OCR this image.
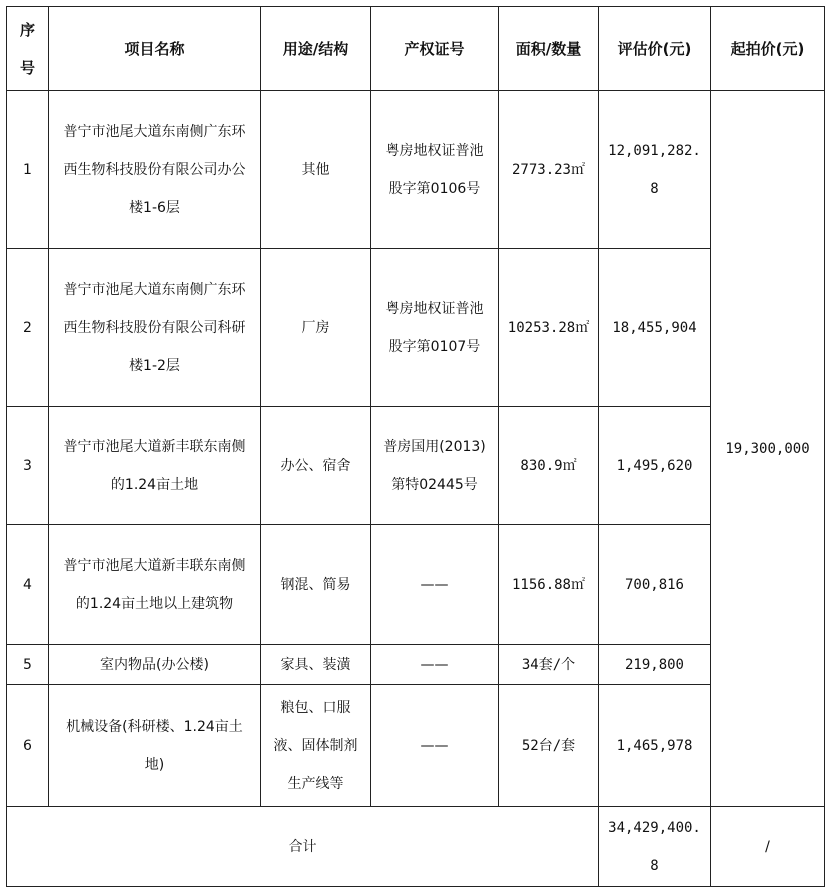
序号	项目名称	用途/结构	产权证号	面积/数量	评估价(元)	起拍价(元)
1	普宁市池尾大道东南侧广东环西生物科技股份有限公司办公楼1-6层	其他	粤房地权证普池股字第0106号	2773.23㎡	12,091,282.8	19,300,000
2	普宁市池尾大道东南侧广东环西生物科技股份有限公司科研楼1-2层	厂房	粤房地权证普池股字第0107号	10253.28㎡	18,455,904	
3	普宁市池尾大道新丰联东南侧的1.24亩土地	办公、宿舍	普房国用(2013)第特02445号	830.9㎡	1,495,620	
4	普宁市池尾大道新丰联东南侧的1.24亩土地以上建筑物	钢混、简易	——	1156.88㎡	700,816	
5	室内物品(办公楼)	家具、装潢	——	34套/个	219,800	
6	机械设备(科研楼、1.24亩土地)	粮包、口服液、固体制剂生产线等	——	52台/套	1,465,978	
合计					34,429,400.8	/
